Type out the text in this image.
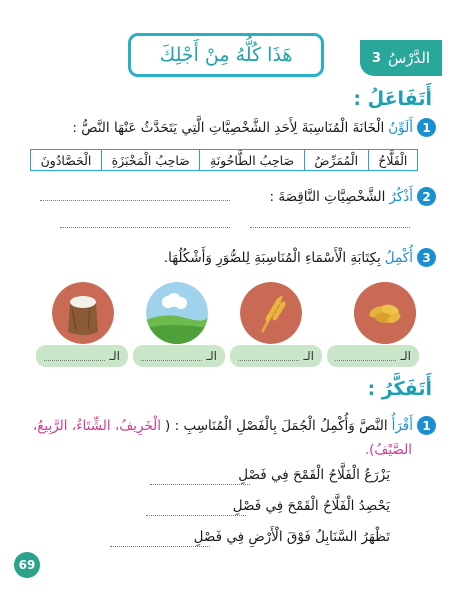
الدَّرْسُ
3
هَذَا كُلُّهُ مِنْ أَجْلِكَ
أَتَفَاعَلُ :
1
أَلَوِّنُ
الْخَانَةَ الْمُنَاسِبَةَ لِأَحَدِ الشَّخْصِيَّاتِ الَّتِي يَتَحَدَّثُ عَنْهَا النَّصُّ :
الْفَلَّاحُ
الْمُمَرِّضُ
صَاحِبُ الطَّاحُونَةِ
صَاحِبُ الْمَخْبَزَةِ
الْحَصَّادُونَ
2
أَذْكُرُ
الشَّخْصِيَّاتِ النَّاقِصَةَ :
3
أُكْمِلُ
بِكِتَابَةِ الْأَسْمَاءِ الْمُنَاسِبَةِ لِلصُّوَرِ وَأَشْكُلُهَا.
الـ
الـ
الـ
الـ
أَتَفَكَّرُ :
1
أَقْرَأُ
النَّصَّ وَأُكْمِلُ الْجُمَلَ بِالْفَصْلِ الْمُنَاسِبِ : (
الْخَرِيفُ، الشِّتَاءُ، الرَّبِيعُ،
الصَّيْفُ).
يَزْرَعُ الْفَلَّاحُ الْقَمْحَ فِي فَصْلِ
يَحْصِدُ الْفَلَّاحُ الْقَمْحَ فِي فَصْلِ
تَظْهَرُ السَّنَابِلُ فَوْقَ الْأَرْضِ فِي فَصْلِ
69
